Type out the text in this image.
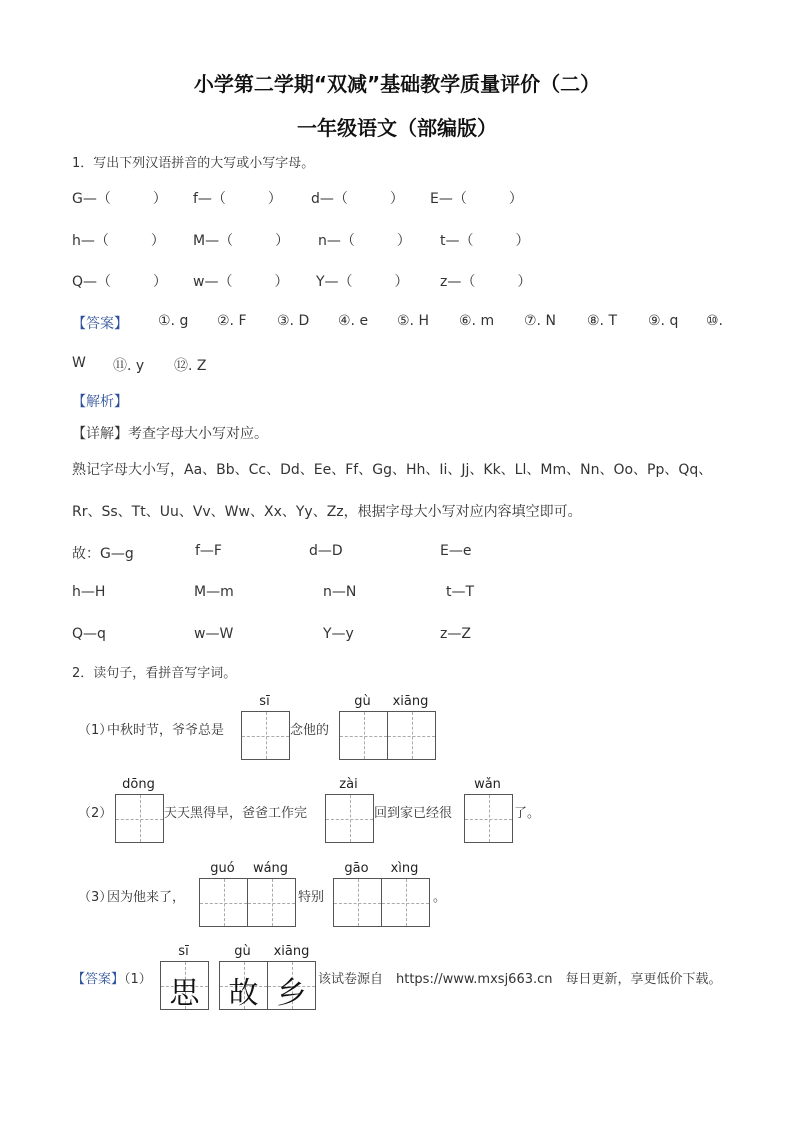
小学第二学期“双减”基础教学质量评价（二）
一年级语文（部编版）
1．写出下列汉语拼音的大写或小写字母。
G—（　　　） f—（　　　） d—（　　　） E—（　　　）
h—（　　　） M—（　　　） n—（　　　） t—（　　　）
Q—（　　　） w—（　　　） Y—（　　　） z—（　　　）
【答案】 ①. g ②. F ③. D ④. e ⑤. H ⑥. m ⑦. N ⑧. T ⑨. q ⑩.
W ⑪. y ⑫. Z
【解析】
【详解】考查字母大小写对应。
熟记字母大小写，Aa、Bb、Cc、Dd、Ee、Ff、Gg、Hh、Ii、Jj、Kk、Ll、Mm、Nn、Oo、Pp、Qq、
Rr、Ss、Tt、Uu、Vv、Ww、Xx、Yy、Zz，根据字母大小写对应内容填空即可。
故：G—g	f—F	d—D	E—e
h—H	M—m	n—N	t—T
Q—q	w—W	Y—y	z—Z
2．读句子，看拼音写字词。
（1）
中秋时节，爷爷总是
sī
念他的
gù	xiāng
（2）
dōng
天天黑得早，爸爸工作完
zài
回到家已经很
wǎn
了。
（3）
因为他来了，
guó	wáng
特别
gāo	xìng
。
【答案】（1）
sī
思
gù	xiāng
故 乡 该试卷源自　https://www.mxsj663.cn　每日更新，享更低价下载。
